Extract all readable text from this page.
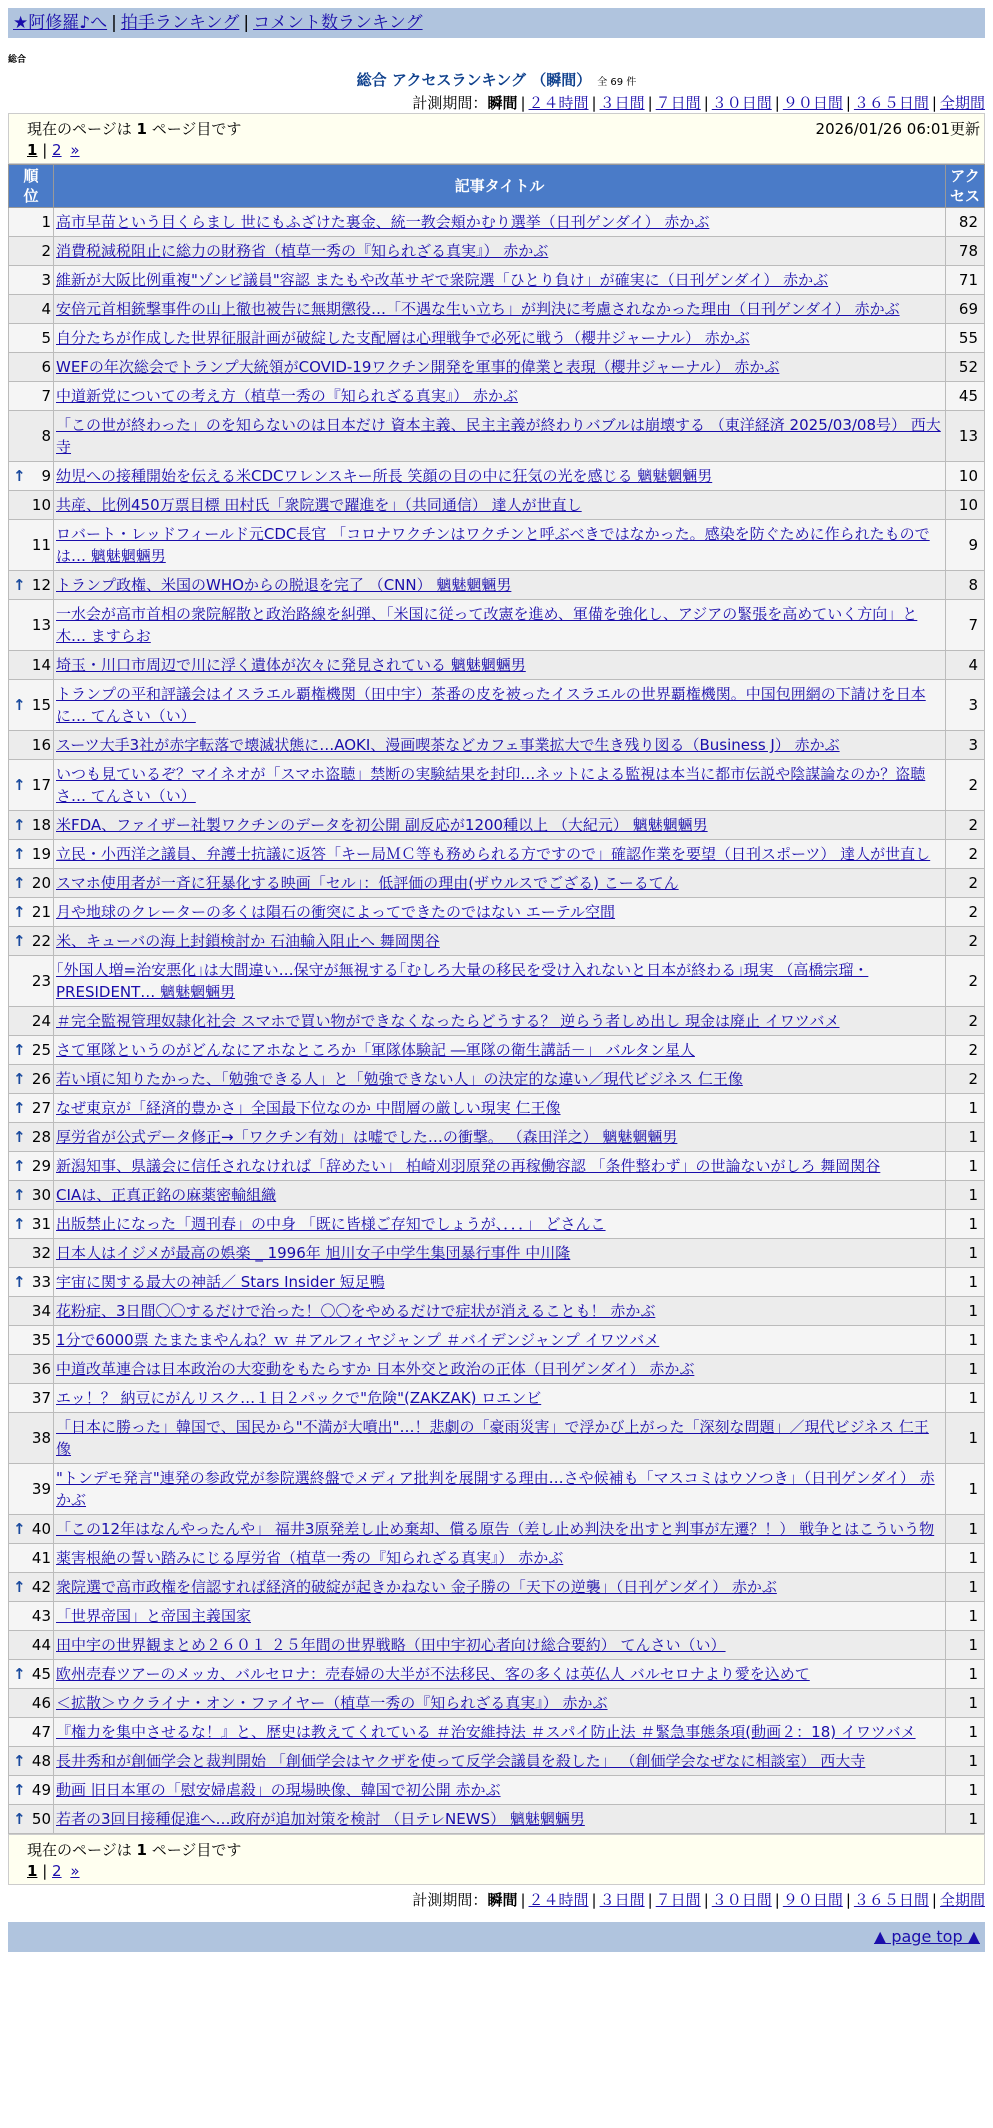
★阿修羅♪へ | 拍手ランキング | コメント数ランキング
総合
総合 アクセスランキング （瞬間） 全 69 件
計測期間：瞬間 | ２４時間 | ３日間 | ７日間 | ３０日間 | ９０日間 | ３６５日間 | 全期間
現在のページは 1 ページ目です	2026/01/26 06:01更新
1 | 2 »
順位	記事タイトル	アクセス
1	高市早苗という目くらまし 世にもふざけた裏金、統一教会頬かむり選挙（日刊ゲンダイ） 赤かぶ	82
2	消費税減税阻止に総力の財務省（植草一秀の『知られざる真実』） 赤かぶ	78
3	維新が大阪比例重複"ゾンビ議員"容認 またもや改革サギで衆院選「ひとり負け」が確実に（日刊ゲンダイ） 赤かぶ	71
4	安倍元首相銃撃事件の山上徹也被告に無期懲役…「不遇な生い立ち」が判決に考慮されなかった理由（日刊ゲンダイ） 赤かぶ	69
5	自分たちが作成した世界征服計画が破綻した支配層は心理戦争で必死に戦う（櫻井ジャーナル） 赤かぶ	55
6	WEFの年次総会でトランプ大統領がCOVID-19ワクチン開発を軍事的偉業と表現（櫻井ジャーナル） 赤かぶ	52
7	中道新党についての考え方（植草一秀の『知られざる真実』） 赤かぶ	45
8	「この世が終わった」のを知らないのは日本だけ 資本主義、民主主義が終わりバブルは崩壊する （東洋経済 2025/03/08号） 西大寺	13

↑ 9	幼児への接種開始を伝える米CDCワレンスキー所長 笑顔の目の中に狂気の光を感じる 魑魅魍魎男	10
10	共産、比例450万票目標 田村氏「衆院選で躍進を」（共同通信） 達人が世直し	10
11	ロバート・レッドフィールド元CDC長官 「コロナワクチンはワクチンと呼ぶべきではなかった。感染を防ぐために作られたものでは… 魑魅魍魎男	9

↑ 12	トランプ政権、米国のWHOからの脱退を完了 （CNN） 魑魅魍魎男	8
13	一水会が高市首相の衆院解散と政治路線を糾弾、「米国に従って改憲を進め、軍備を強化し、アジアの緊張を高めていく方向」と木… ますらお	7
14	埼玉・川口市周辺で川に浮く遺体が次々に発見されている 魑魅魍魎男	4

↑ 15	トランプの平和評議会はイスラエル覇権機関（田中宇）茶番の皮を被ったイスラエルの世界覇権機関。中国包囲網の下請けを日本に… てんさい（い）	3
16	スーツ大手3社が赤字転落で壊滅状態に…AOKI、漫画喫茶などカフェ事業拡大で生き残り図る（Business J） 赤かぶ	3

↑ 17	いつも見ているぞ？マイネオが「スマホ盗聴」禁断の実験結果を封印…ネットによる監視は本当に都市伝説や陰謀論なのか？盗聴さ… てんさい（い）	2

↑ 18	米FDA、ファイザー社製ワクチンのデータを初公開 副反応が1200種以上 （大紀元） 魑魅魍魎男	2

↑ 19	立民・小西洋之議員、弁護士抗議に返答「キー局ＭＣ等も務められる方ですので」確認作業を要望（日刊スポーツ） 達人が世直し	2

↑ 20	スマホ使用者が一斉に狂暴化する映画「セル」：低評価の理由(ザウルスでござる) こーるてん	2

↑ 21	月や地球のクレーターの多くは隕石の衝突によってできたのではない エーテル空間	2

↑ 22	米、キューバの海上封鎖検討か 石油輸入阻止へ 舞岡関谷	2
23	｢外国人増=治安悪化｣は大間違い…保守が無視する｢むしろ大量の移民を受け入れないと日本が終わる｣現実 （高橋宗瑠・PRESIDENT… 魑魅魍魎男	2
24	＃完全監視管理奴隷化社会 スマホで買い物ができなくなったらどうする？ 逆らう者しめ出し 現金は廃止 イワツバメ	2

↑ 25	さて軍隊というのがどんなにアホなところか「軍隊体験記 ―軍隊の衛生講話－」 バルタン星人	2

↑ 26	若い頃に知りたかった、「勉強できる人」と「勉強できない人」の決定的な違い／現代ビジネス 仁王像	2

↑ 27	なぜ東京が「経済的豊かさ」全国最下位なのか 中間層の厳しい現実 仁王像	1

↑ 28	厚労省が公式データ修正→「ワクチン有効」は嘘でした…の衝撃。 （森田洋之） 魑魅魍魎男	1

↑ 29	新潟知事、県議会に信任されなければ「辞めたい」 柏崎刈羽原発の再稼働容認 「条件整わず」の世論ないがしろ 舞岡関谷	1

↑ 30	CIAは、正真正銘の麻薬密輸組織	1

↑ 31	出版禁止になった「週刊春」の中身 「既に皆様ご存知でしょうが、．．．」 どさんこ	1
32	日本人はイジメが最高の娯楽 _ 1996年 旭川女子中学生集団暴行事件 中川隆	1

↑ 33	宇宙に関する最大の神話／ Stars Insider 短足鴨	1
34	花粉症、3日間〇〇するだけで治った！〇〇をやめるだけで症状が消えることも！ 赤かぶ	1
35	1分で6000票 たまたまやんね？ｗ ＃アルフィヤジャンプ ＃バイデンジャンプ イワツバメ	1
36	中道改革連合は日本政治の大変動をもたらすか 日本外交と政治の正体（日刊ゲンダイ） 赤かぶ	1
37	エッ！？ 納豆にがんリスク…１日２パックで"危険"(ZAKZAK) ロエンビ	1
38	「日本に勝った」韓国で、国民から"不満が大噴出"…！悲劇の「豪雨災害」で浮かび上がった「深刻な問題」／現代ビジネス 仁王像	1
39	"トンデモ発言"連発の参政党が参院選終盤でメディア批判を展開する理由…さや候補も「マスコミはウソつき」（日刊ゲンダイ） 赤かぶ	1

↑ 40	「この12年はなんやったんや」 福井3原発差し止め棄却、償る原告（差し止め判決を出すと判事が左遷？！） 戦争とはこういう物	1
41	薬害根絶の誓い踏みにじる厚労省（植草一秀の『知られざる真実』） 赤かぶ	1

↑ 42	衆院選で高市政権を信認すれば経済的破綻が起きかねない 金子勝の「天下の逆襲」（日刊ゲンダイ） 赤かぶ	1
43	「世界帝国」と帝国主義国家	1
44	田中宇の世界観まとめ２６０１ ２５年間の世界戦略（田中宇初心者向け総合要約） てんさい（い）	1

↑ 45	欧州売春ツアーのメッカ、バルセロナ：売春婦の大半が不法移民、客の多くは英仏人 バルセロナより愛を込めて	1
46	＜拡散＞ウクライナ・オン・ファイヤー（植草一秀の『知られざる真実』） 赤かぶ	1
47	『権力を集中させるな！』と、歴史は教えてくれている ＃治安維持法 ＃スパイ防止法 ＃緊急事態条項(動画２：18) イワツバメ	1

↑ 48	長井秀和が創価学会と裁判開始 「創価学会はヤクザを使って反学会議員を殺した」 （創価学会なぜなに相談室） 西大寺	1

↑ 49	動画 旧日本軍の「慰安婦虐殺」の現場映像、韓国で初公開 赤かぶ	1

↑ 50	若者の3回目接種促進へ…政府が追加対策を検討 （日テレNEWS） 魑魅魍魎男	1
現在のページは 1 ページ目です
1 | 2 »
計測期間：瞬間 | ２４時間 | ３日間 | ７日間 | ３０日間 | ９０日間 | ３６５日間 | 全期間
▲ page top ▲
